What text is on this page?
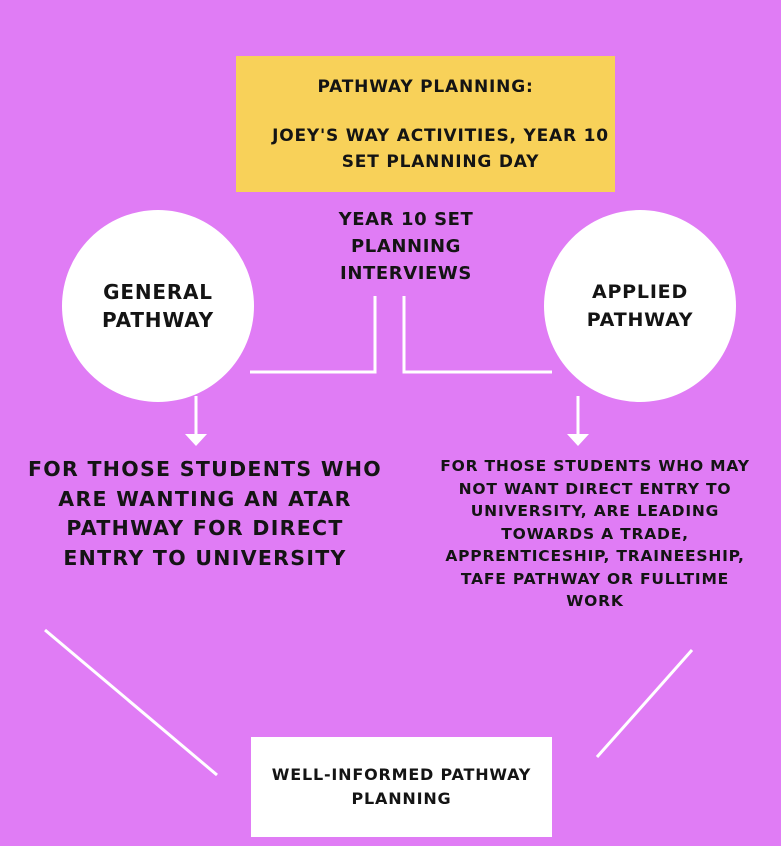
PATHWAY PLANNING:
JOEY'S WAY ACTIVITIES, YEAR 10 SET PLANNING DAY
YEAR 10 SET PLANNING INTERVIEWS
GENERAL PATHWAY
APPLIED PATHWAY
FOR THOSE STUDENTS WHO ARE WANTING AN ATAR PATHWAY FOR DIRECT ENTRY TO UNIVERSITY
FOR THOSE STUDENTS WHO MAY NOT WANT DIRECT ENTRY TO UNIVERSITY, ARE LEADING TOWARDS A TRADE, APPRENTICESHIP, TRAINEESHIP, TAFE PATHWAY OR FULLTIME WORK
WELL-INFORMED PATHWAY PLANNING
